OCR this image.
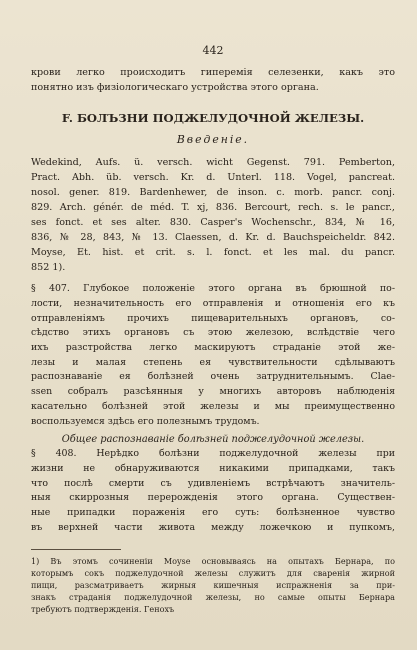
442

крови легко происходитъ гиперемія селезенки, какъ это
понятно изъ физіологическаго устройства этого органа.

F. БОЛЪЗНИ ПОДЖЕЛУДОЧНОЙ ЖЕЛЕЗЫ.
Введеніе.

Wedekind, Aufs. ü. versch. wicht Gegenst. 791. Pemberton,
Pract. Abh. üb. versch. Kr. d. Unterl. 118. Vogel, pancreat.
nosol. gener. 819. Bardenhewer, de inson. c. morb. pancr. conj.
829. Arch. génér. de méd. T. xj, 836. Bercourt, rech. s. le pancr.,
ses fonct. et ses alter. 830. Casper's Wochenschr., 834, № 16,
836, № 28, 843, № 13. Claessen, d. Kr. d. Bauchspeicheldr. 842.
Moyse, Et. hist. et crit. s. l. fonct. et les mal. du pancr.
852 1).

§ 407. Глубокое положеніе этого органа въ брюшной по-
лости, незначительность его отправленія и отношенія его къ
отправленіямъ прочихъ пищеварительныхъ органовъ, со-
сѣдство этихъ органовъ съ этою железою, вслѣдствіе чего
ихъ разстройства легко маскируютъ страданіе этой же-
лезы и малая степень ея чувствительности сдѣлываютъ
распознаваніе ея болѣзней очень затруднительнымъ. Clae-
ssen собралъ разсѣянныя у многихъ авторовъ наблюденія
касательно болѣзней этой железы и мы преимущественно
воспользуемся здѣсь его полезнымъ трудомъ.

Общее распознаваніе болѣзней поджелудочной железы.

§ 408. Нерѣдко болѣзни поджелудочной железы при
жизни не обнаруживаются никакими припадками, такъ
что послѣ смерти съ удивленіемъ встрѣчаютъ значитель-
ныя скиррозныя перерожденія этого органа. Существен-
ные припадки пораженія его суть: болѣзненное чувство
въ верхней части живота между ложечкою и пупкомъ,

1) Въ этомъ сочиненіи Моyse основываясь на опытахъ Бернара, по
которымъ сокъ поджелудочной железы служитъ для сваренія жирной
пищи, разсматриваетъ жирныя кишечныя испражненія за при-
знакъ страданія поджелудочной железы, но самые опыты Бернара
требуютъ подтвержденія. Генохъ
